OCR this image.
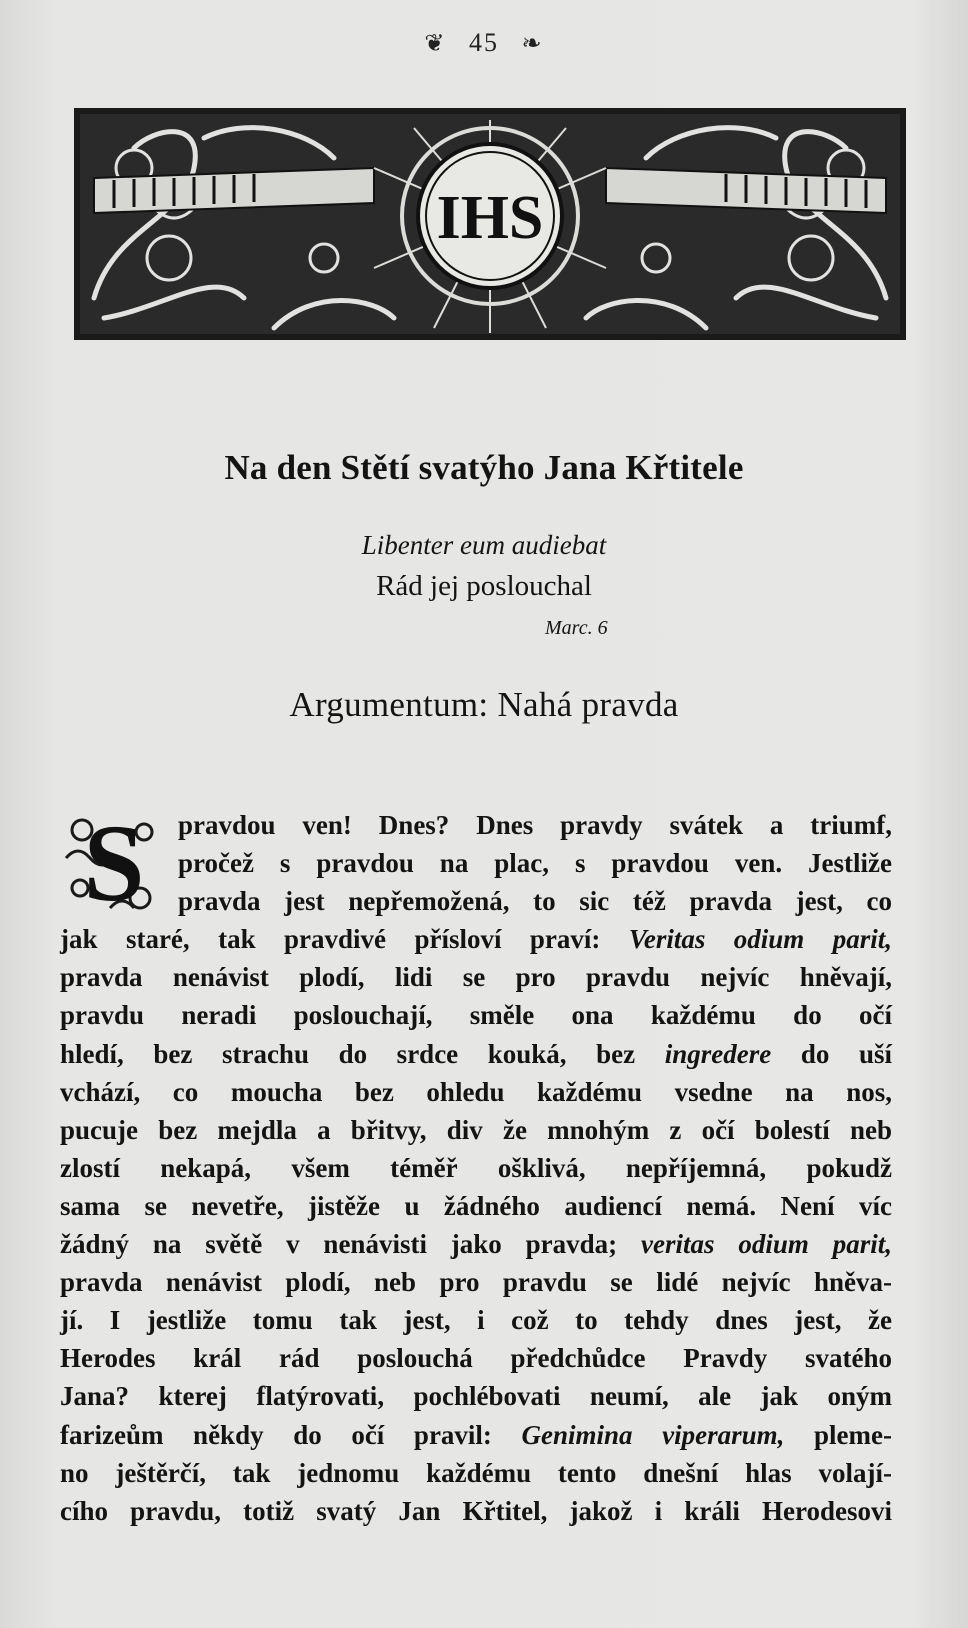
❦ 45 ❧
IHS
Na den Stětí svatýho Jana Křtitele
Libenter eum audiebat
Rád jej poslouchal
Marc. 6
Argumentum: Nahá pravda
S	pravdou ven! Dnes? Dnes pravdy svátek a triumf,
pročež s pravdou na plac, s pravdou ven. Jestliže
pravda jest nepřemožená, to sic též pravda jest, co
jak staré, tak pravdivé přísloví praví: Veritas odium parit,
pravda nenávist plodí, lidi se pro pravdu nejvíc hněvají,
pravdu neradi poslouchají, směle ona každému do očí
hledí, bez strachu do srdce kouká, bez ingredere do uší
vchází, co moucha bez ohledu každému vsedne na nos,
pucuje bez mejdla a břitvy, div že mnohým z očí bolestí neb
zlostí nekapá, všem téměř ošklivá, nepříjemná, pokudž
sama se nevetře, jistěže u žádného audiencí nemá. Není víc
žádný na světě v nenávisti jako pravda; veritas odium parit,
pravda nenávist plodí, neb pro pravdu se lidé nejvíc hněva-
jí. I jestliže tomu tak jest, i což to tehdy dnes jest, že
Herodes král rád poslouchá předchůdce Pravdy svatého
Jana? kterej flatýrovati, pochlébovati neumí, ale jak oným
farizeům někdy do očí pravil: Genimina viperarum, pleme-
no ještěrčí, tak jednomu každému tento dnešní hlas volají-
cího pravdu, totiž svatý Jan Křtitel, jakož i králi Herodesovi
